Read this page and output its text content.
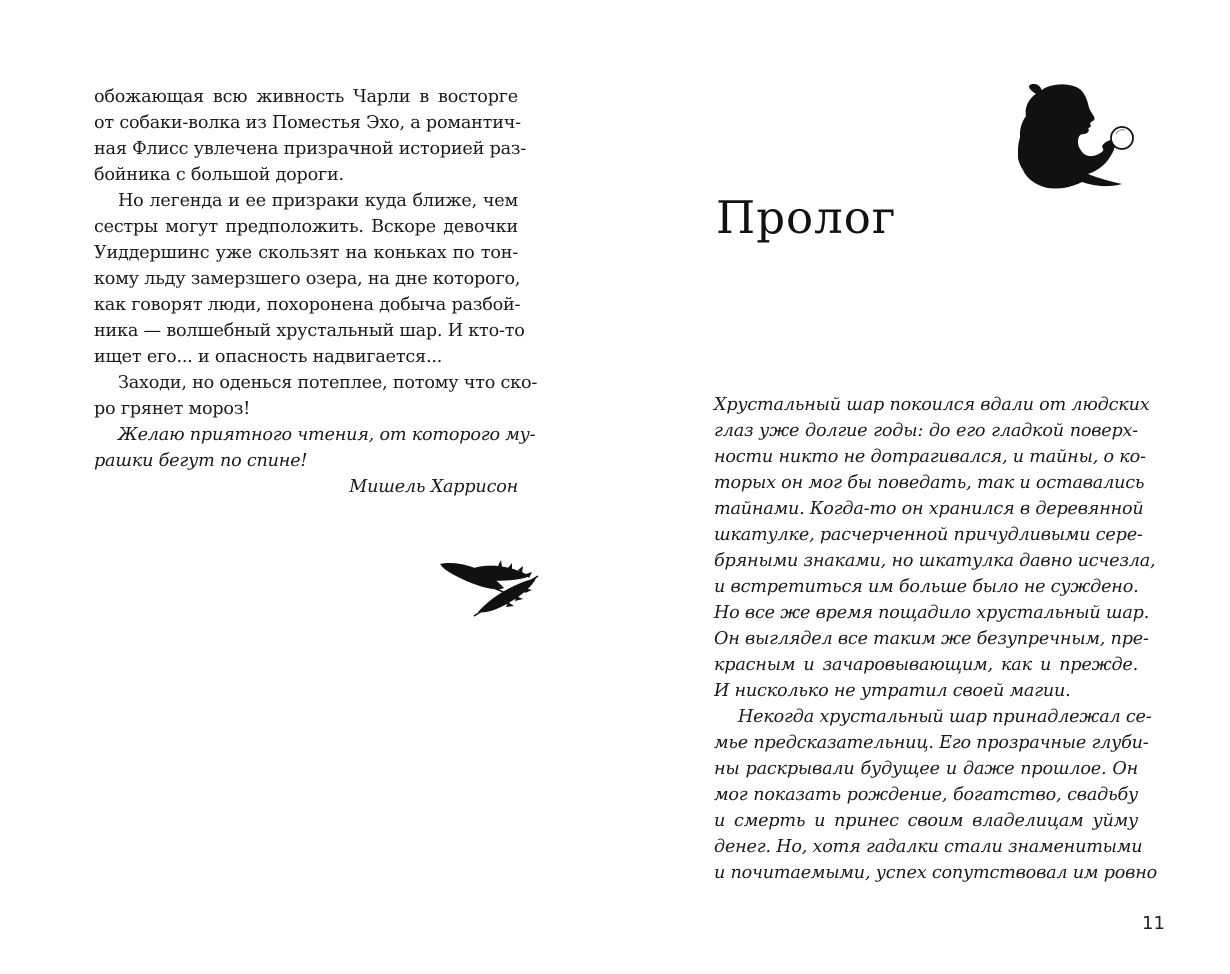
обожающая всю живность Чарли в восторге
от собаки-волка из Поместья Эхо, а романтич-
ная Флисс увлечена призрачной историей раз-
бойника с большой дороги.
Но легенда и ее призраки куда ближе, чем
сестры могут предположить. Вскоре девочки
Уиддершинс уже скользят на коньках по тон-
кому льду замерзшего озера, на дне которого,
как говорят люди, похоронена добыча разбой-
ника — волшебный хрустальный шар. И кто-то
ищет его... и опасность надвигается...
Заходи, но оденься потеплее, потому что ско-
ро грянет мороз!
Желаю приятного чтения, от которого му-
рашки бегут по спине!
Мишель Харрисон
Пролог
Хрустальный шар покоился вдали от людских
глаз уже долгие годы: до его гладкой поверх-
ности никто не дотрагивался, и тайны, о ко-
торых он мог бы поведать, так и оставались
тайнами. Когда-то он хранился в деревянной
шкатулке, расчерченной причудливыми сере-
бряными знаками, но шкатулка давно исчезла,
и встретиться им больше было не суждено.
Но все же время пощадило хрустальный шар.
Он выглядел все таким же безупречным, пре-
красным и зачаровывающим, как и прежде.
И нисколько не утратил своей магии.
Некогда хрустальный шар принадлежал се-
мье предсказательниц. Его прозрачные глуби-
ны раскрывали будущее и даже прошлое. Он
мог показать рождение, богатство, свадьбу
и смерть и принес своим владелицам уйму
денег. Но, хотя гадалки стали знаменитыми
и почитаемыми, успех сопутствовал им ровно
11
